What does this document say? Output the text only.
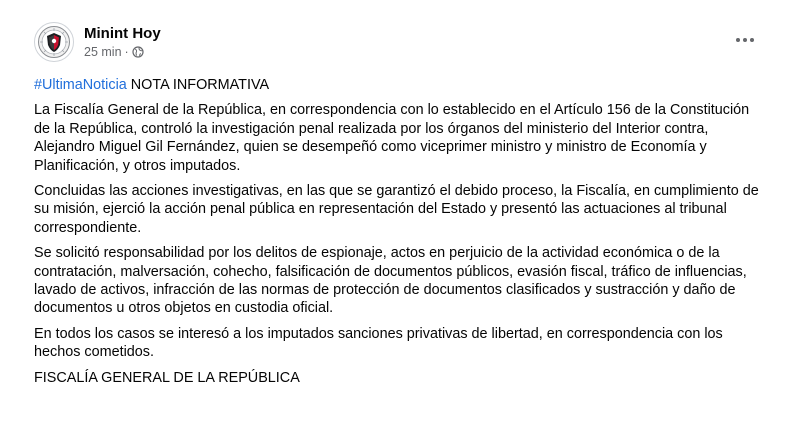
Minint Hoy
25 min ·

#UltimaNoticia NOTA INFORMATIVA

La Fiscalía General de la República, en correspondencia con lo establecido en el Artículo 156 de la Constitución de la República, controló la investigación penal realizada por los órganos del ministerio del Interior contra, Alejandro Miguel Gil Fernández, quien se desempeñó como viceprimer ministro y ministro de Economía y Planificación, y otros imputados.

Concluidas las acciones investigativas, en las que se garantizó el debido proceso, la Fiscalía, en cumplimiento de su misión, ejerció la acción penal pública en representación del Estado y presentó las actuaciones al tribunal correspondiente.

Se solicitó responsabilidad por los delitos de espionaje, actos en perjuicio de la actividad económica o de la contratación, malversación, cohecho, falsificación de documentos públicos, evasión fiscal, tráfico de influencias, lavado de activos, infracción de las normas de protección de documentos clasificados y sustracción y daño de documentos u otros objetos en custodia oficial.

En todos los casos se interesó a los imputados sanciones privativas de libertad, en correspondencia con los hechos cometidos.

FISCALÍA GENERAL DE LA REPÚBLICA
